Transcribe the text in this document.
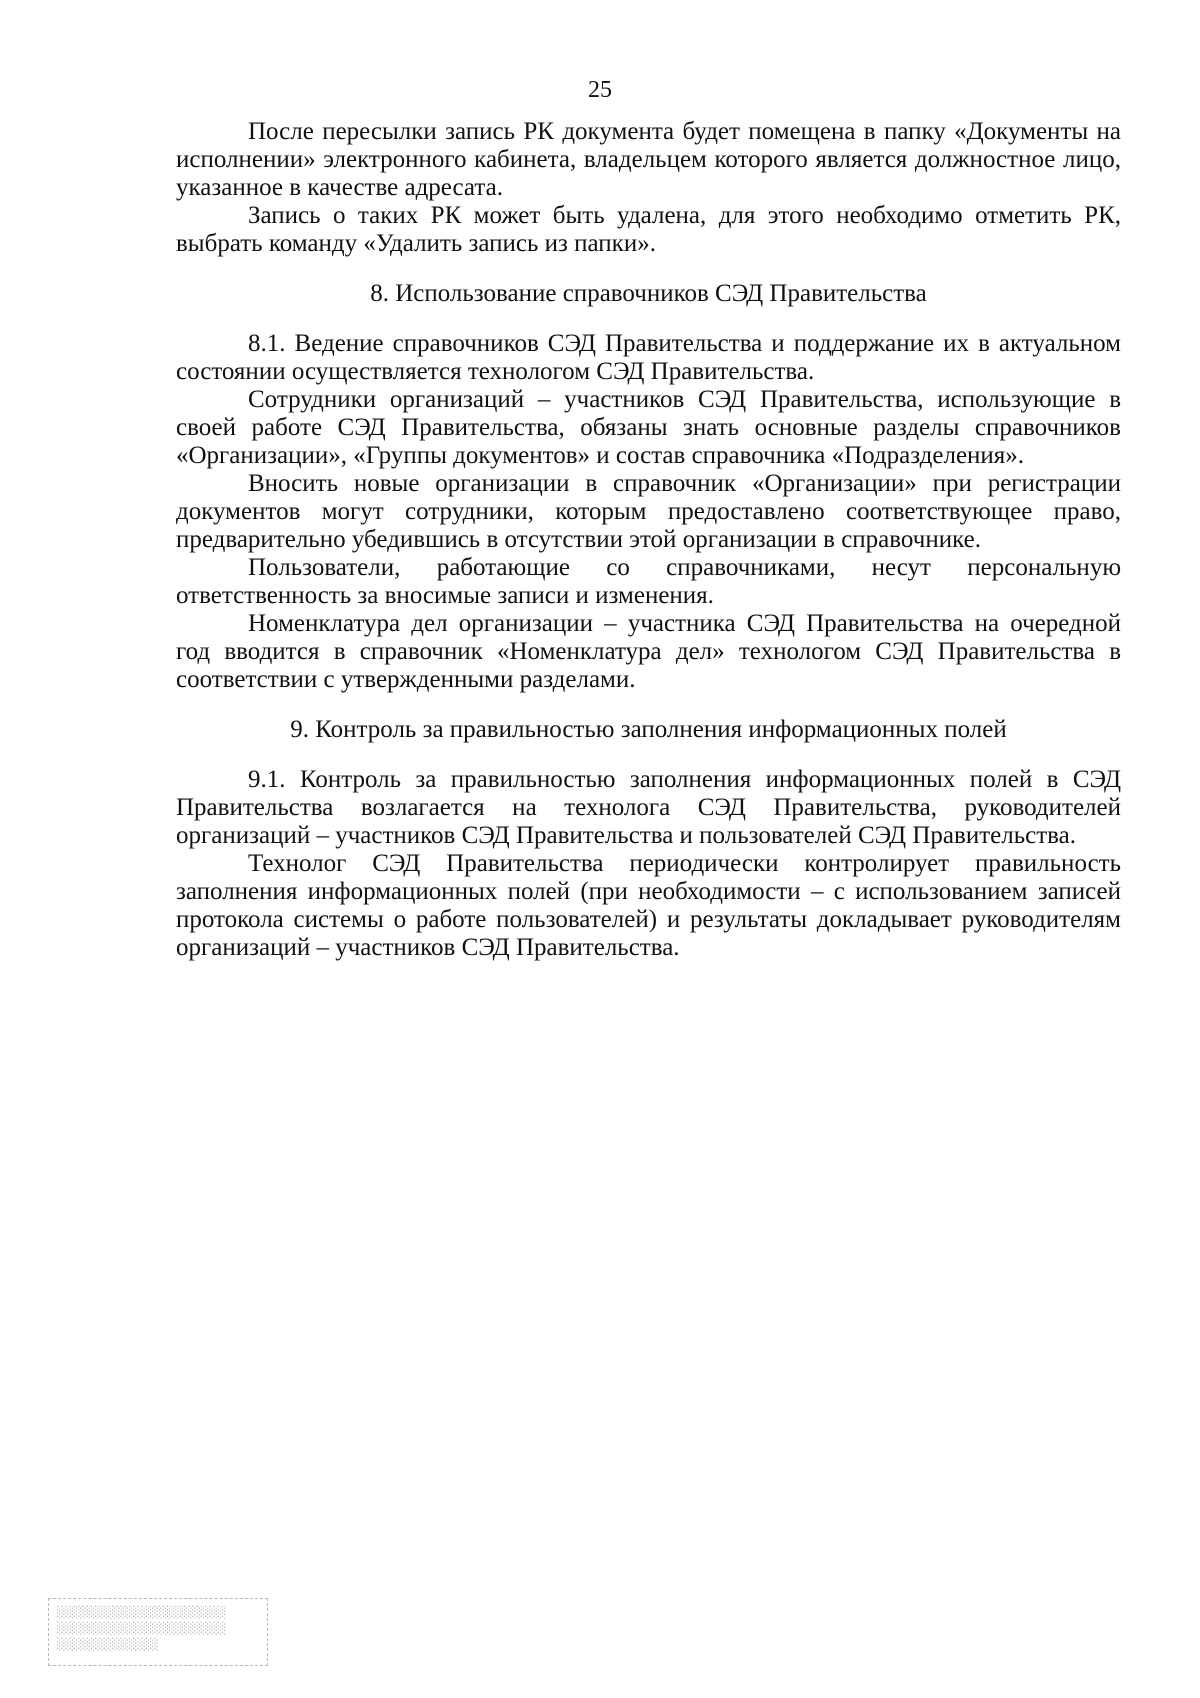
25

После пересылки запись РК документа будет помещена в папку «Документы на исполнении» электронного кабинета, владельцем которого является должностное лицо, указанное в качестве адресата.

Запись о таких РК может быть удалена, для этого необходимо отметить РК, выбрать команду «Удалить запись из папки».

8. Использование справочников СЭД Правительства

8.1. Ведение справочников СЭД Правительства и поддержание их в актуальном состоянии осуществляется технологом СЭД Правительства.

Сотрудники организаций – участников СЭД Правительства, использующие в своей работе СЭД Правительства, обязаны знать основные разделы справочников «Организации», «Группы документов» и состав справочника «Подразделения».

Вносить новые организации в справочник «Организации» при регистрации документов могут сотрудники, которым предоставлено соответствующее право, предварительно убедившись в отсутствии этой организации в справочнике.

Пользователи, работающие со справочниками, несут персональную ответственность за вносимые записи и изменения.

Номенклатура дел организации – участника СЭД Правительства на очередной год вводится в справочник «Номенклатура дел» технологом СЭД Правительства в соответствии с утвержденными разделами.

9. Контроль за правильностью заполнения информационных полей

9.1. Контроль за правильностью заполнения информационных полей в СЭД Правительства возлагается на технолога СЭД Правительства, руководителей организаций – участников СЭД Правительства и пользователей СЭД Правительства.

Технолог СЭД Правительства периодически контролирует правильность заполнения информационных полей (при необходимости – с использованием записей протокола системы о работе пользователей) и результаты докладывает руководителям организаций – участников СЭД Правительства.

░░░░░░░░░░░░░░░░░░░░
░░░░░░░░░░░░░░░░░░░░
░░░░░░░░░░░░
